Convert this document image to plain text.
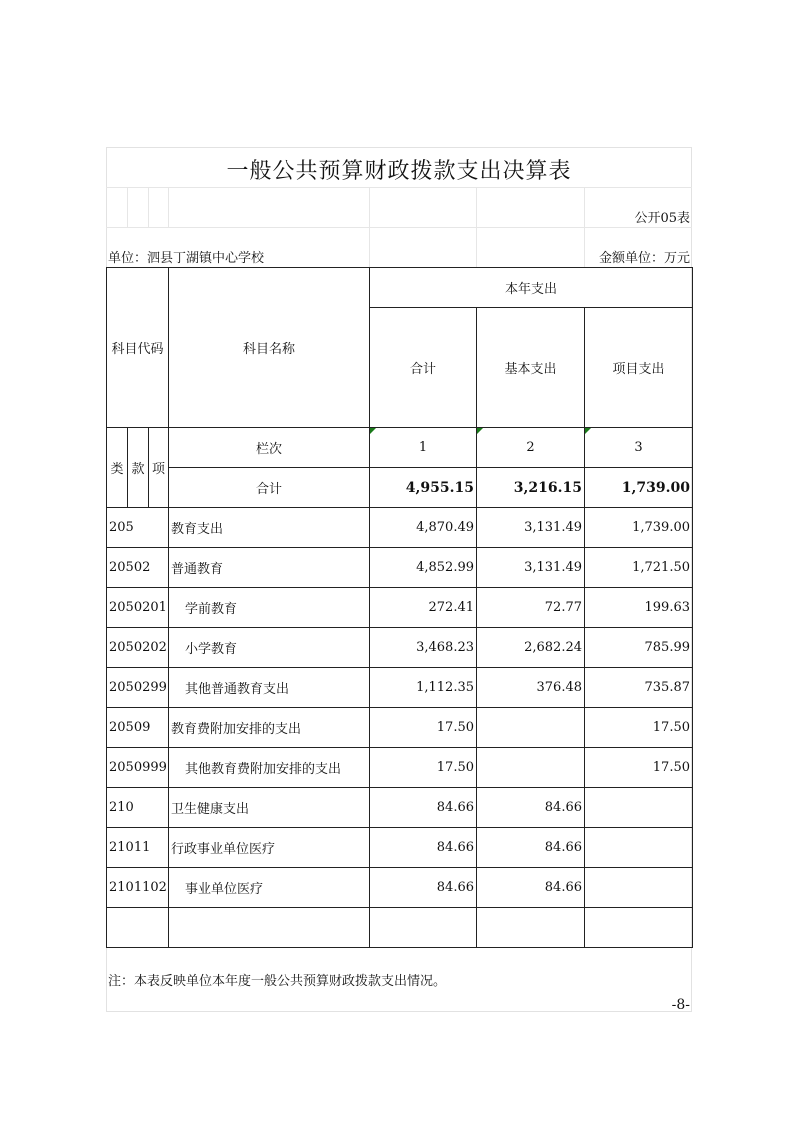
一般公共预算财政拨款支出决算表
公开05表
单位：泗县丁湖镇中心学校	金额单位：万元
科目代码			科目名称	本年支出		
				合计	基本支出	项目支出

类	款	项	栏次	1	2	3
			合计	4,955.15	3,216.15	1,739.00
205			教育支出	4,870.49	3,131.49	1,739.00
20502			普通教育	4,852.99	3,131.49	1,721.50
2050201			学前教育	272.41	72.77	199.63
2050202			小学教育	3,468.23	2,682.24	785.99
2050299			其他普通教育支出	1,112.35	376.48	735.87
20509			教育费附加安排的支出	17.50		17.50
2050999			其他教育费附加安排的支出	17.50		17.50
210			卫生健康支出	84.66	84.66	
21011			行政事业单位医疗	84.66	84.66	
2101102			事业单位医疗	84.66	84.66	

注：本表反映单位本年度一般公共预算财政拨款支出情况。
-8-
